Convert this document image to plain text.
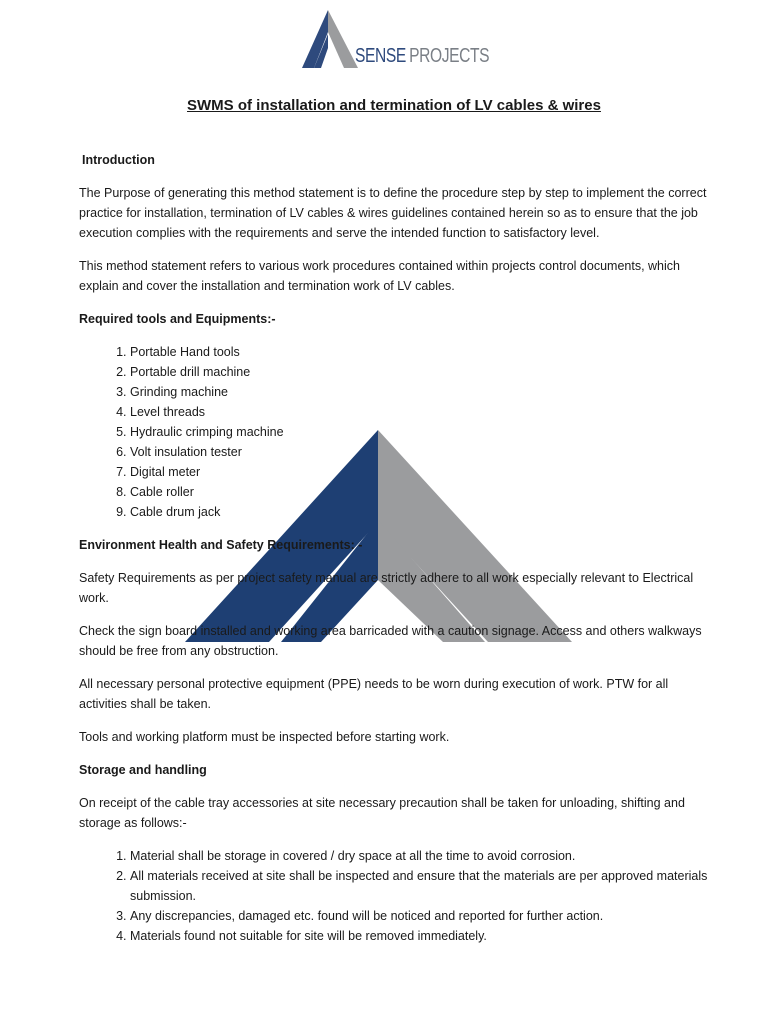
SENSE PROJECTS
SWMS of installation and termination of LV cables & wires

Introduction

The Purpose of generating this method statement is to define the procedure step by step to implement the correct practice for installation, termination of LV cables & wires guidelines contained herein so as to ensure that the job execution complies with the requirements and serve the intended function to satisfactory level.

This method statement refers to various work procedures contained within projects control documents, which explain and cover the installation and termination work of LV cables.

Required tools and Equipments:-

1. Portable Hand tools
2. Portable drill machine
3. Grinding machine
4. Level threads
5. Hydraulic crimping machine
6. Volt insulation tester
7. Digital meter
8. Cable roller
9. Cable drum jack

Environment Health and Safety Requirements: -

Safety Requirements as per project safety manual are strictly adhere to all work especially relevant to Electrical work.

Check the sign board installed and working area barricaded with a caution signage. Access and others walkways should be free from any obstruction.

All necessary personal protective equipment (PPE) needs to be worn during execution of work. PTW for all activities shall be taken.

Tools and working platform must be inspected before starting work.

Storage and handling

On receipt of the cable tray accessories at site necessary precaution shall be taken for unloading, shifting and storage as follows:-

1. Material shall be storage in covered / dry space at all the time to avoid corrosion.
2. All materials received at site shall be inspected and ensure that the materials are per approved materials submission.
3. Any discrepancies, damaged etc. found will be noticed and reported for further action.
4. Materials found not suitable for site will be removed immediately.
